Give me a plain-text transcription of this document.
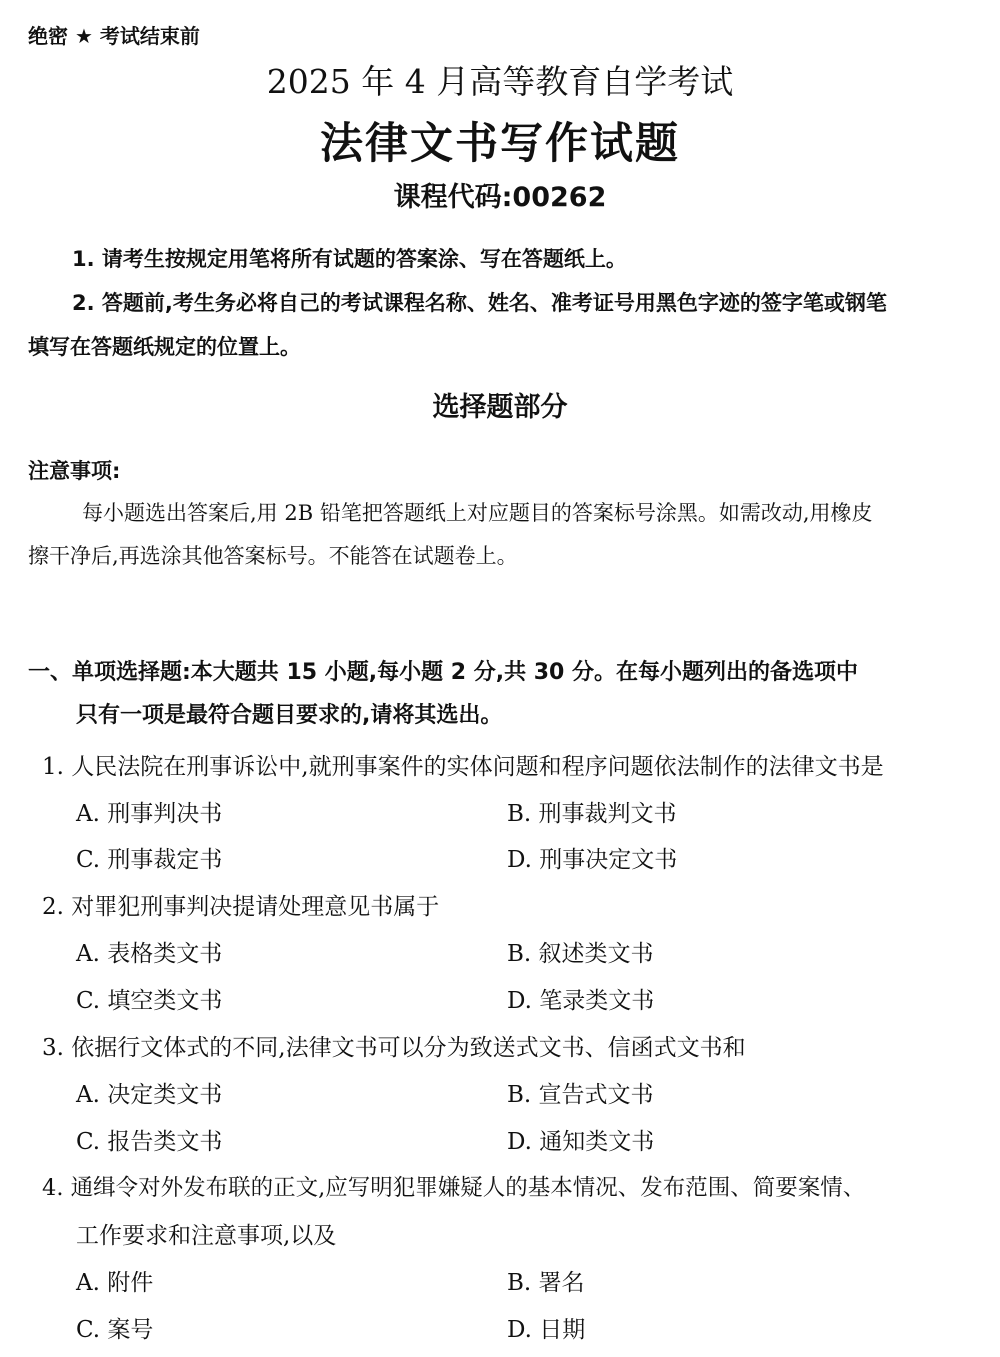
绝密 ★ 考试结束前
2025 年 4 月高等教育自学考试
法律文书写作试题
课程代码:00262
1. 请考生按规定用笔将所有试题的答案涂、写在答题纸上。
2. 答题前,考生务必将自己的考试课程名称、姓名、准考证号用黑色字迹的签字笔或钢笔
填写在答题纸规定的位置上。
选择题部分
注意事项:
每小题选出答案后,用 2B 铅笔把答题纸上对应题目的答案标号涂黑。如需改动,用橡皮
擦干净后,再选涂其他答案标号。不能答在试题卷上。
一、单项选择题:本大题共 15 小题,每小题 2 分,共 30 分。在每小题列出的备选项中
只有一项是最符合题目要求的,请将其选出。
1. 人民法院在刑事诉讼中,就刑事案件的实体问题和程序问题依法制作的法律文书是
A. 刑事判决书	B. 刑事裁判文书
C. 刑事裁定书	D. 刑事决定文书
2. 对罪犯刑事判决提请处理意见书属于
A. 表格类文书	B. 叙述类文书
C. 填空类文书	D. 笔录类文书
3. 依据行文体式的不同,法律文书可以分为致送式文书、信函式文书和
A. 决定类文书	B. 宣告式文书
C. 报告类文书	D. 通知类文书
4. 通缉令对外发布联的正文,应写明犯罪嫌疑人的基本情况、发布范围、简要案情、
工作要求和注意事项,以及
A. 附件	B. 署名
C. 案号	D. 日期
